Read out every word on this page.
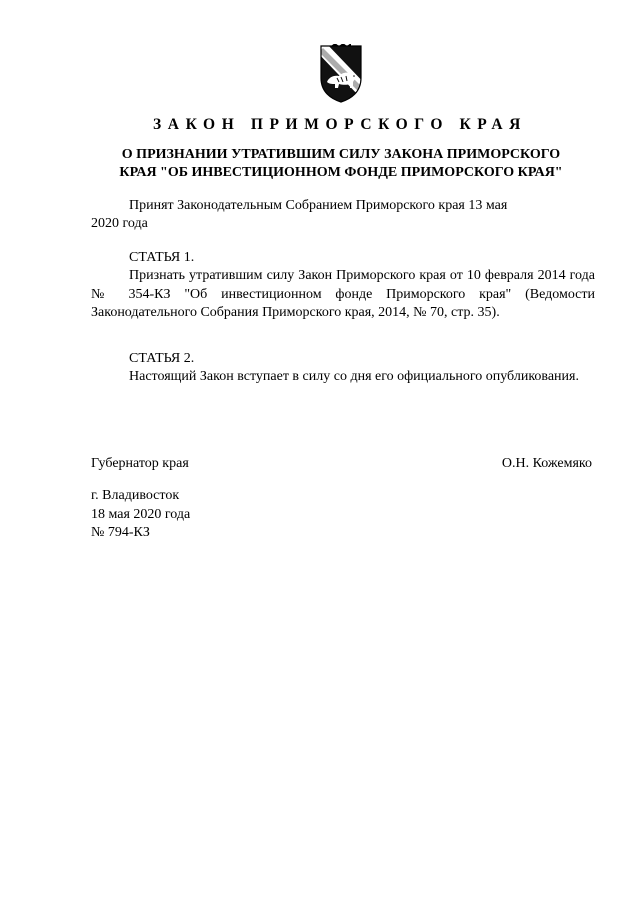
ЗАКОН ПРИМОРСКОГО КРАЯ
О ПРИЗНАНИИ УТРАТИВШИМ СИЛУ ЗАКОНА ПРИМОРСКОГО
КРАЯ "ОБ ИНВЕСТИЦИОННОМ ФОНДЕ ПРИМОРСКОГО КРАЯ"
Принят Законодательным Собранием Приморского края 13 мая
2020 года
СТАТЬЯ 1.
Признать утратившим силу Закон Приморского края от 10 февраля 2014 года № 354-КЗ "Об инвестиционном фонде Приморского края" (Ведомости Законодательного Собрания Приморского края, 2014, № 70, стр. 35).
СТАТЬЯ 2.
Настоящий Закон вступает в силу со дня его официального опубликования.
Губернатор края	О.Н. Кожемяко
г. Владивосток
18 мая 2020 года
№ 794-КЗ
